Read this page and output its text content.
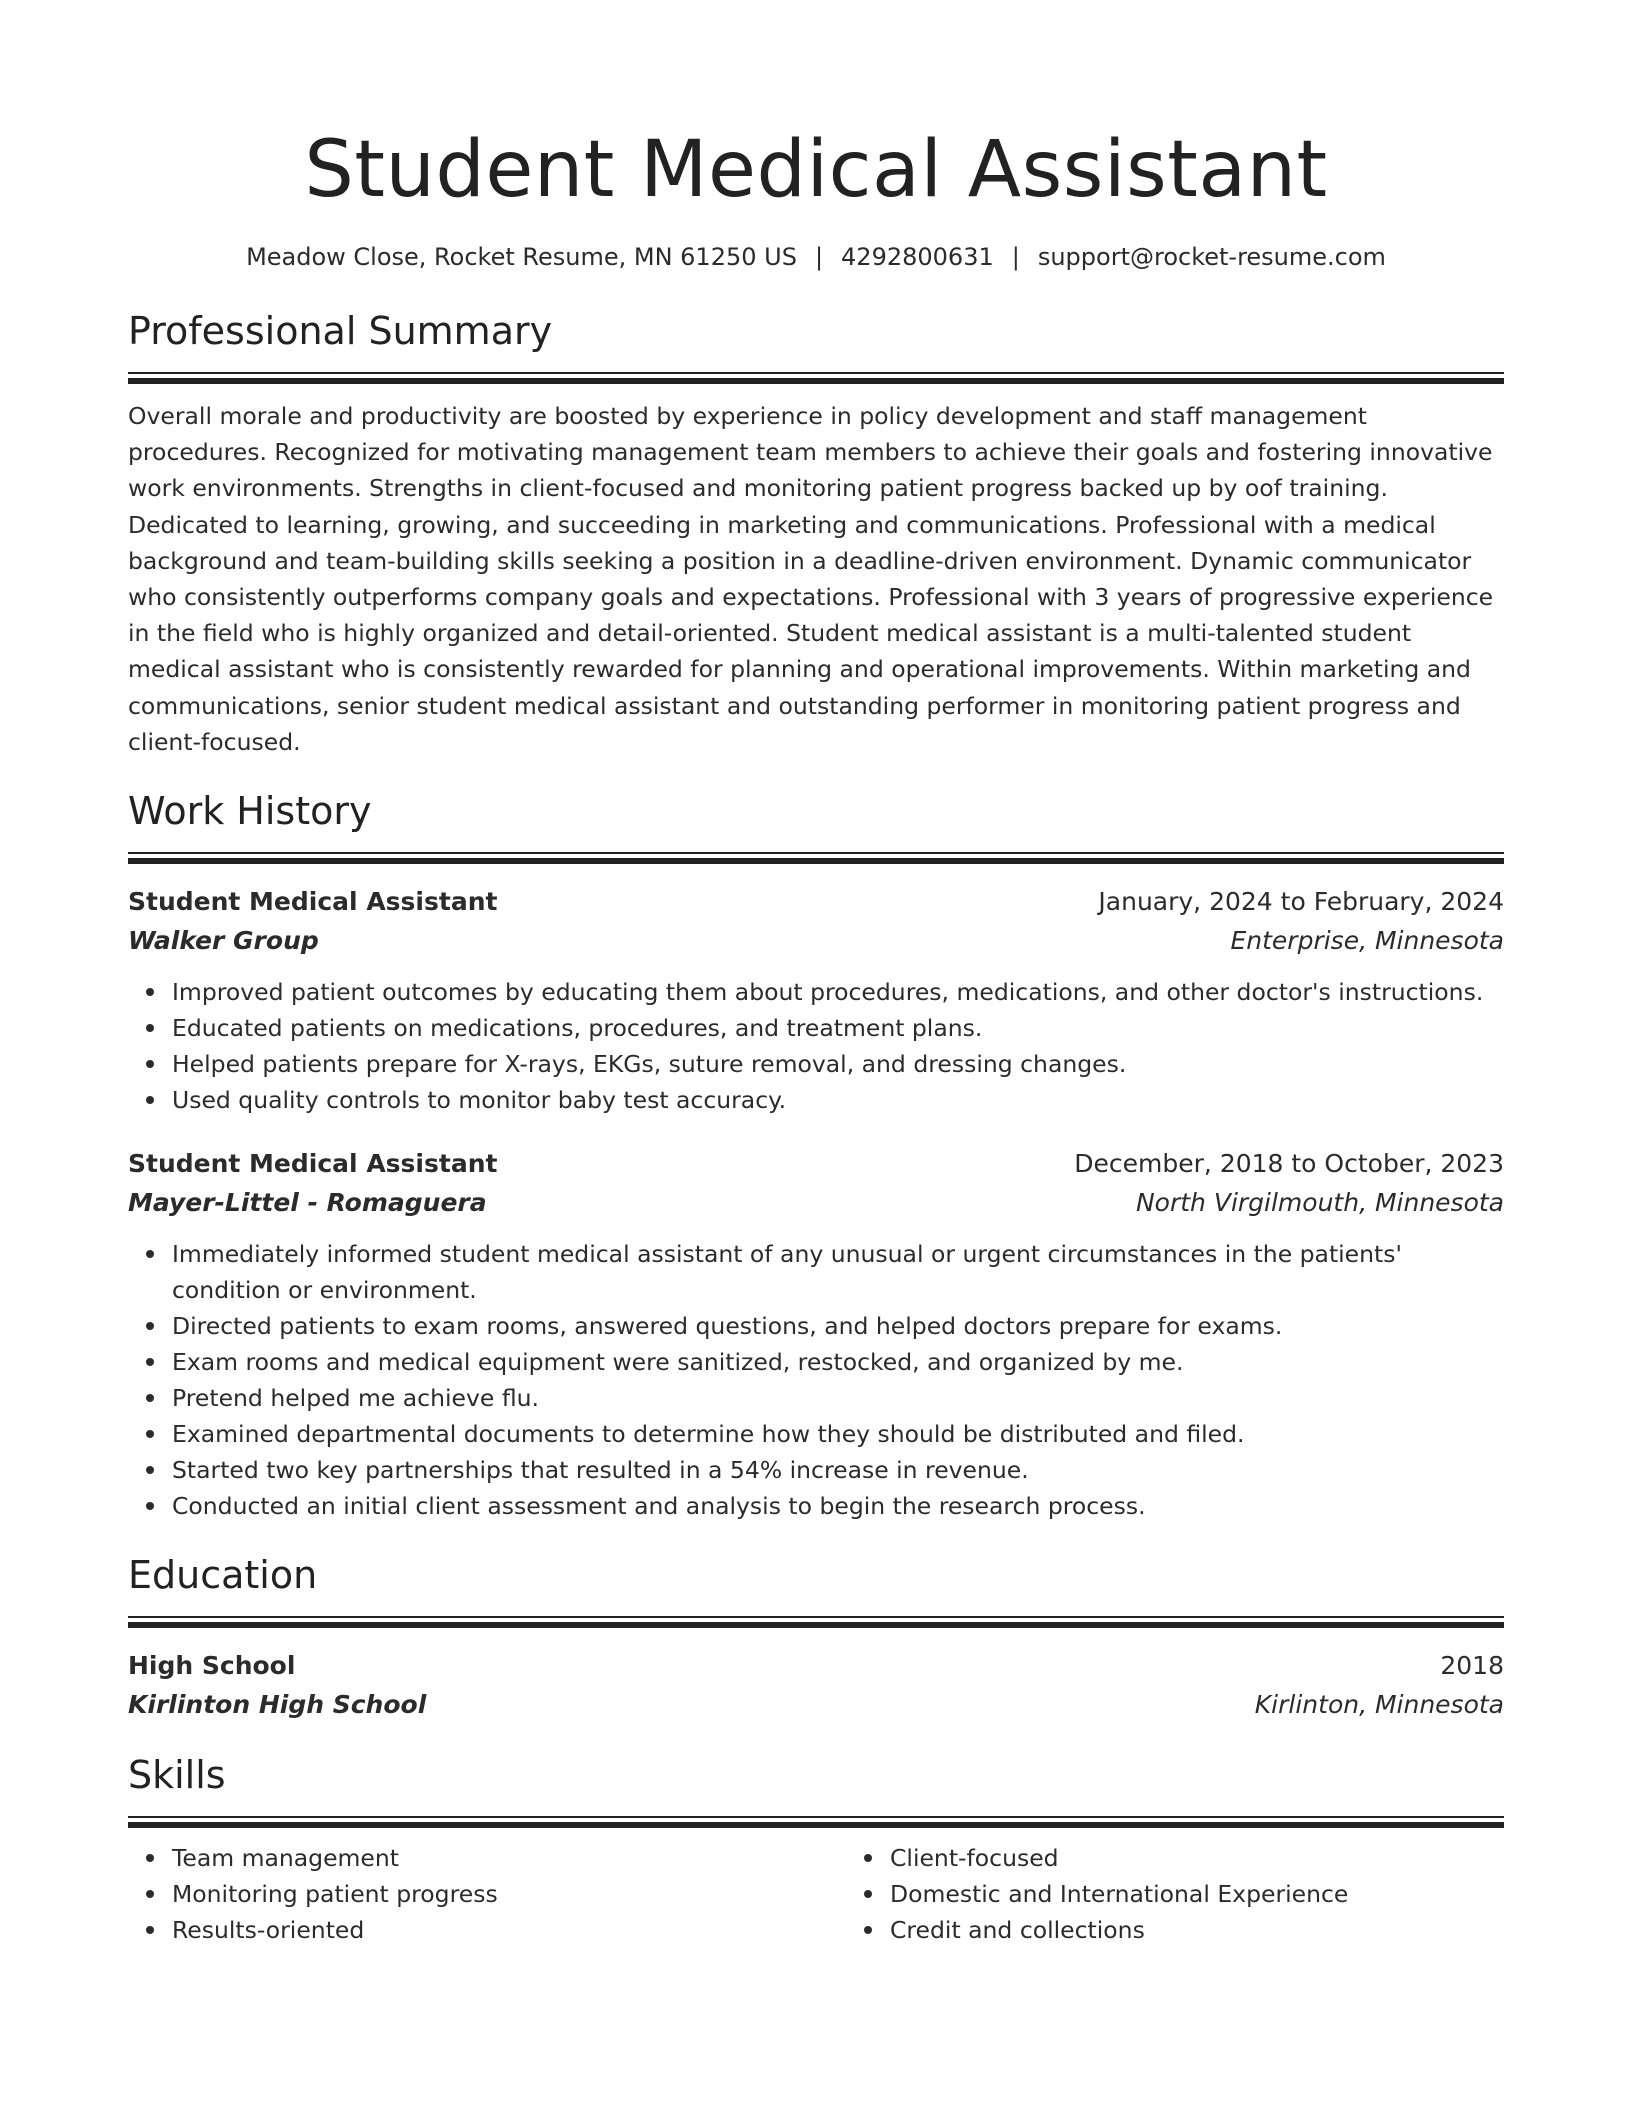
Student Medical Assistant
Meadow Close, Rocket Resume, MN 61250 US | 4292800631 | support@rocket-resume.com
Professional Summary
Overall morale and productivity are boosted by experience in policy development and staff management procedures. Recognized for motivating management team members to achieve their goals and fostering innovative work environments. Strengths in client-focused and monitoring patient progress backed up by oof training. Dedicated to learning, growing, and succeeding in marketing and communications. Professional with a medical background and team-building skills seeking a position in a deadline-driven environment. Dynamic communicator who consistently outperforms company goals and expectations. Professional with 3 years of progressive experience in the field who is highly organized and detail-oriented. Student medical assistant is a multi-talented student medical assistant who is consistently rewarded for planning and operational improvements. Within marketing and communications, senior student medical assistant and outstanding performer in monitoring patient progress and client-focused.
Work History
Student Medical Assistant	January, 2024 to February, 2024
Walker Group	Enterprise, Minnesota
Improved patient outcomes by educating them about procedures, medications, and other doctor's instructions.
Educated patients on medications, procedures, and treatment plans.
Helped patients prepare for X-rays, EKGs, suture removal, and dressing changes.
Used quality controls to monitor baby test accuracy.
Student Medical Assistant	December, 2018 to October, 2023
Mayer-Littel - Romaguera	North Virgilmouth, Minnesota
Immediately informed student medical assistant of any unusual or urgent circumstances in the patients' condition or environment.
Directed patients to exam rooms, answered questions, and helped doctors prepare for exams.
Exam rooms and medical equipment were sanitized, restocked, and organized by me.
Pretend helped me achieve flu.
Examined departmental documents to determine how they should be distributed and filed.
Started two key partnerships that resulted in a 54% increase in revenue.
Conducted an initial client assessment and analysis to begin the research process.
Education
High School	2018
Kirlinton High School	Kirlinton, Minnesota
Skills
Team management
Monitoring patient progress
Results-oriented
Client-focused
Domestic and International Experience
Credit and collections
